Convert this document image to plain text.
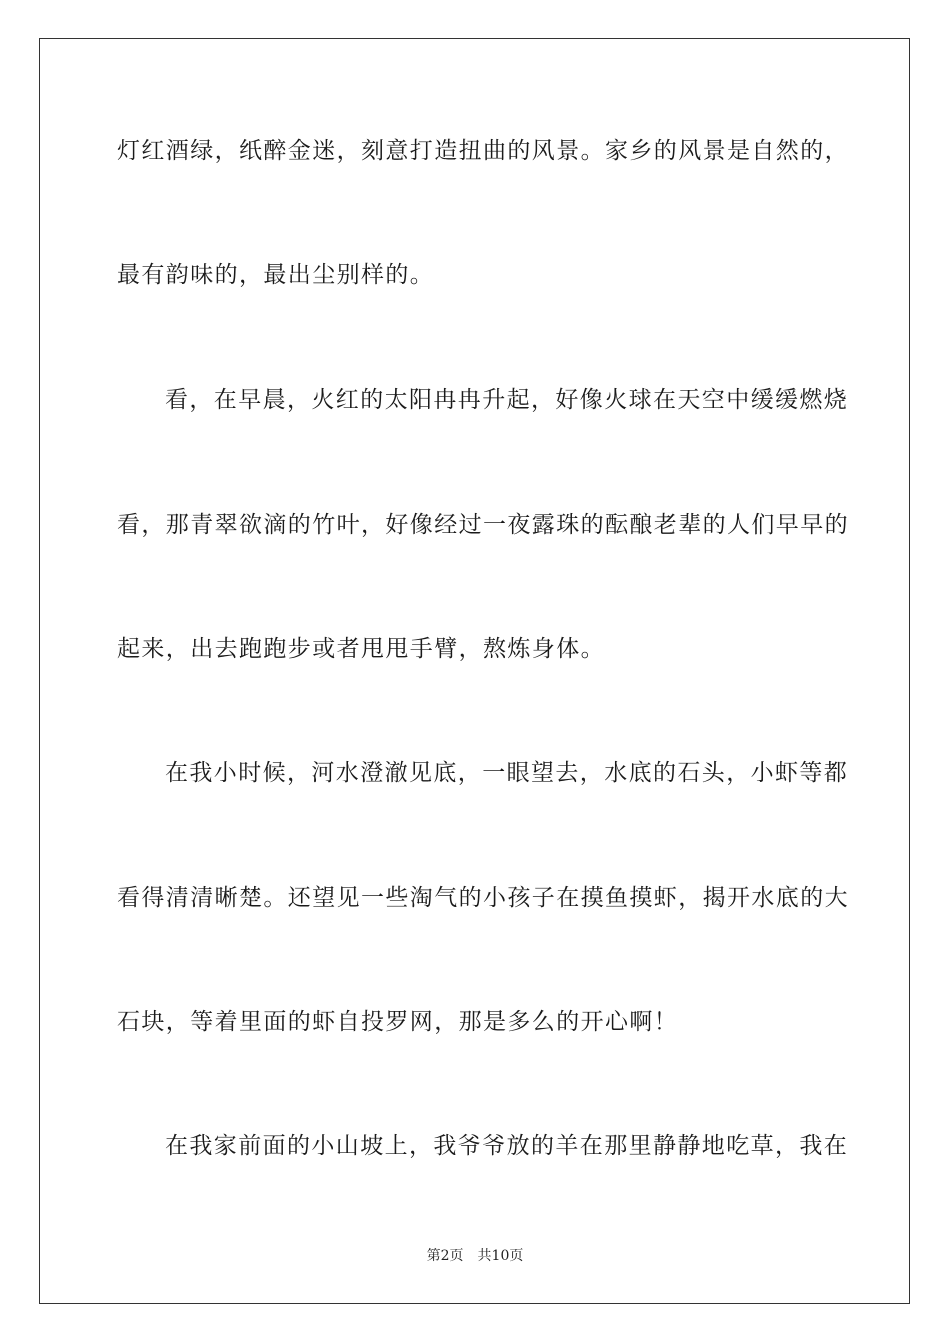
灯红酒绿，纸醉金迷，刻意打造扭曲的风景。家乡的风景是自然的，
最有韵味的，最出尘别样的。
看，在早晨，火红的太阳冉冉升起，好像火球在天空中缓缓燃烧
看，那青翠欲滴的竹叶，好像经过一夜露珠的酝酿老辈的人们早早的
起来，出去跑跑步或者甩甩手臂，熬炼身体。
在我小时候，河水澄澈见底，一眼望去，水底的石头，小虾等都
看得清清晰楚。还望见一些淘气的小孩子在摸鱼摸虾，揭开水底的大
石块，等着里面的虾自投罗网，那是多么的开心啊！
在我家前面的小山坡上，我爷爷放的羊在那里静静地吃草，我在
第2页 共10页
